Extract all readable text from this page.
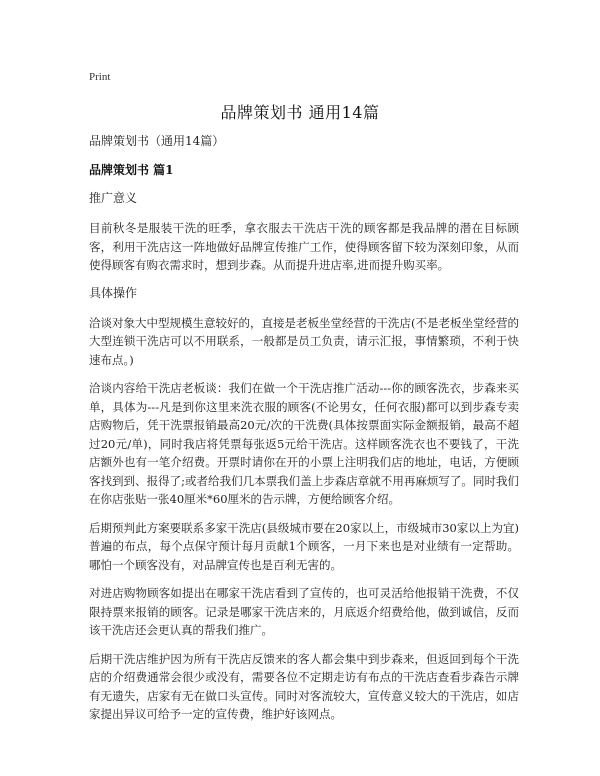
Print
品牌策划书 通用14篇

品牌策划书（通用14篇）

品牌策划书 篇1

推广意义

目前秋冬是服装干洗的旺季，拿衣服去干洗店干洗的顾客都是我品牌的潜在目标顾客，利用干洗店这一阵地做好品牌宣传推广工作，使得顾客留下较为深刻印象，从而使得顾客有购衣需求时，想到步森。从而提升进店率,进而提升购买率。

具体操作

洽谈对象大中型规模生意较好的，直接是老板坐堂经营的干洗店(不是老板坐堂经营的大型连锁干洗店可以不用联系，一般都是员工负责，请示汇报，事情繁琐，不利于快速布点。)

洽谈内容给干洗店老板谈：我们在做一个干洗店推广活动---你的顾客洗衣，步森来买单，具体为---凡是到你这里来洗衣服的顾客(不论男女，任何衣服)都可以到步森专卖店购物后，凭干洗票报销最高20元/次的干洗费(具体按票面实际金额报销，最高不超过20元/单)，同时我店将凭票每张返5元给干洗店。这样顾客洗衣也不要钱了，干洗店额外也有一笔介绍费。开票时请你在开的小票上注明我们店的地址，电话，方便顾客找到到、报得了;或者给我们几本票我们盖上步森店章就不用再麻烦写了。同时我们在你店张贴一张40厘米*60厘米的告示牌，方便给顾客介绍。

后期预判此方案要联系多家干洗店(县级城市要在20家以上，市级城市30家以上为宜)普遍的布点，每个点保守预计每月贡献1个顾客，一月下来也是对业绩有一定帮助。哪怕一个顾客没有，对品牌宣传也是百利无害的。

对进店购物顾客如提出在哪家干洗店看到了宣传的，也可灵活给他报销干洗费，不仅限持票来报销的顾客。记录是哪家干洗店来的，月底返介绍费给他，做到诚信，反而该干洗店还会更认真的帮我们推广。

后期干洗店维护因为所有干洗店反馈来的客人都会集中到步森来，但返回到每个干洗店的介绍费通常会很少或没有，需要各位不定期走访有布点的干洗店查看步森告示牌有无遗失，店家有无在做口头宣传。同时对客流较大，宣传意义较大的干洗店，如店家提出异议可给予一定的宣传费，维护好该网点。
